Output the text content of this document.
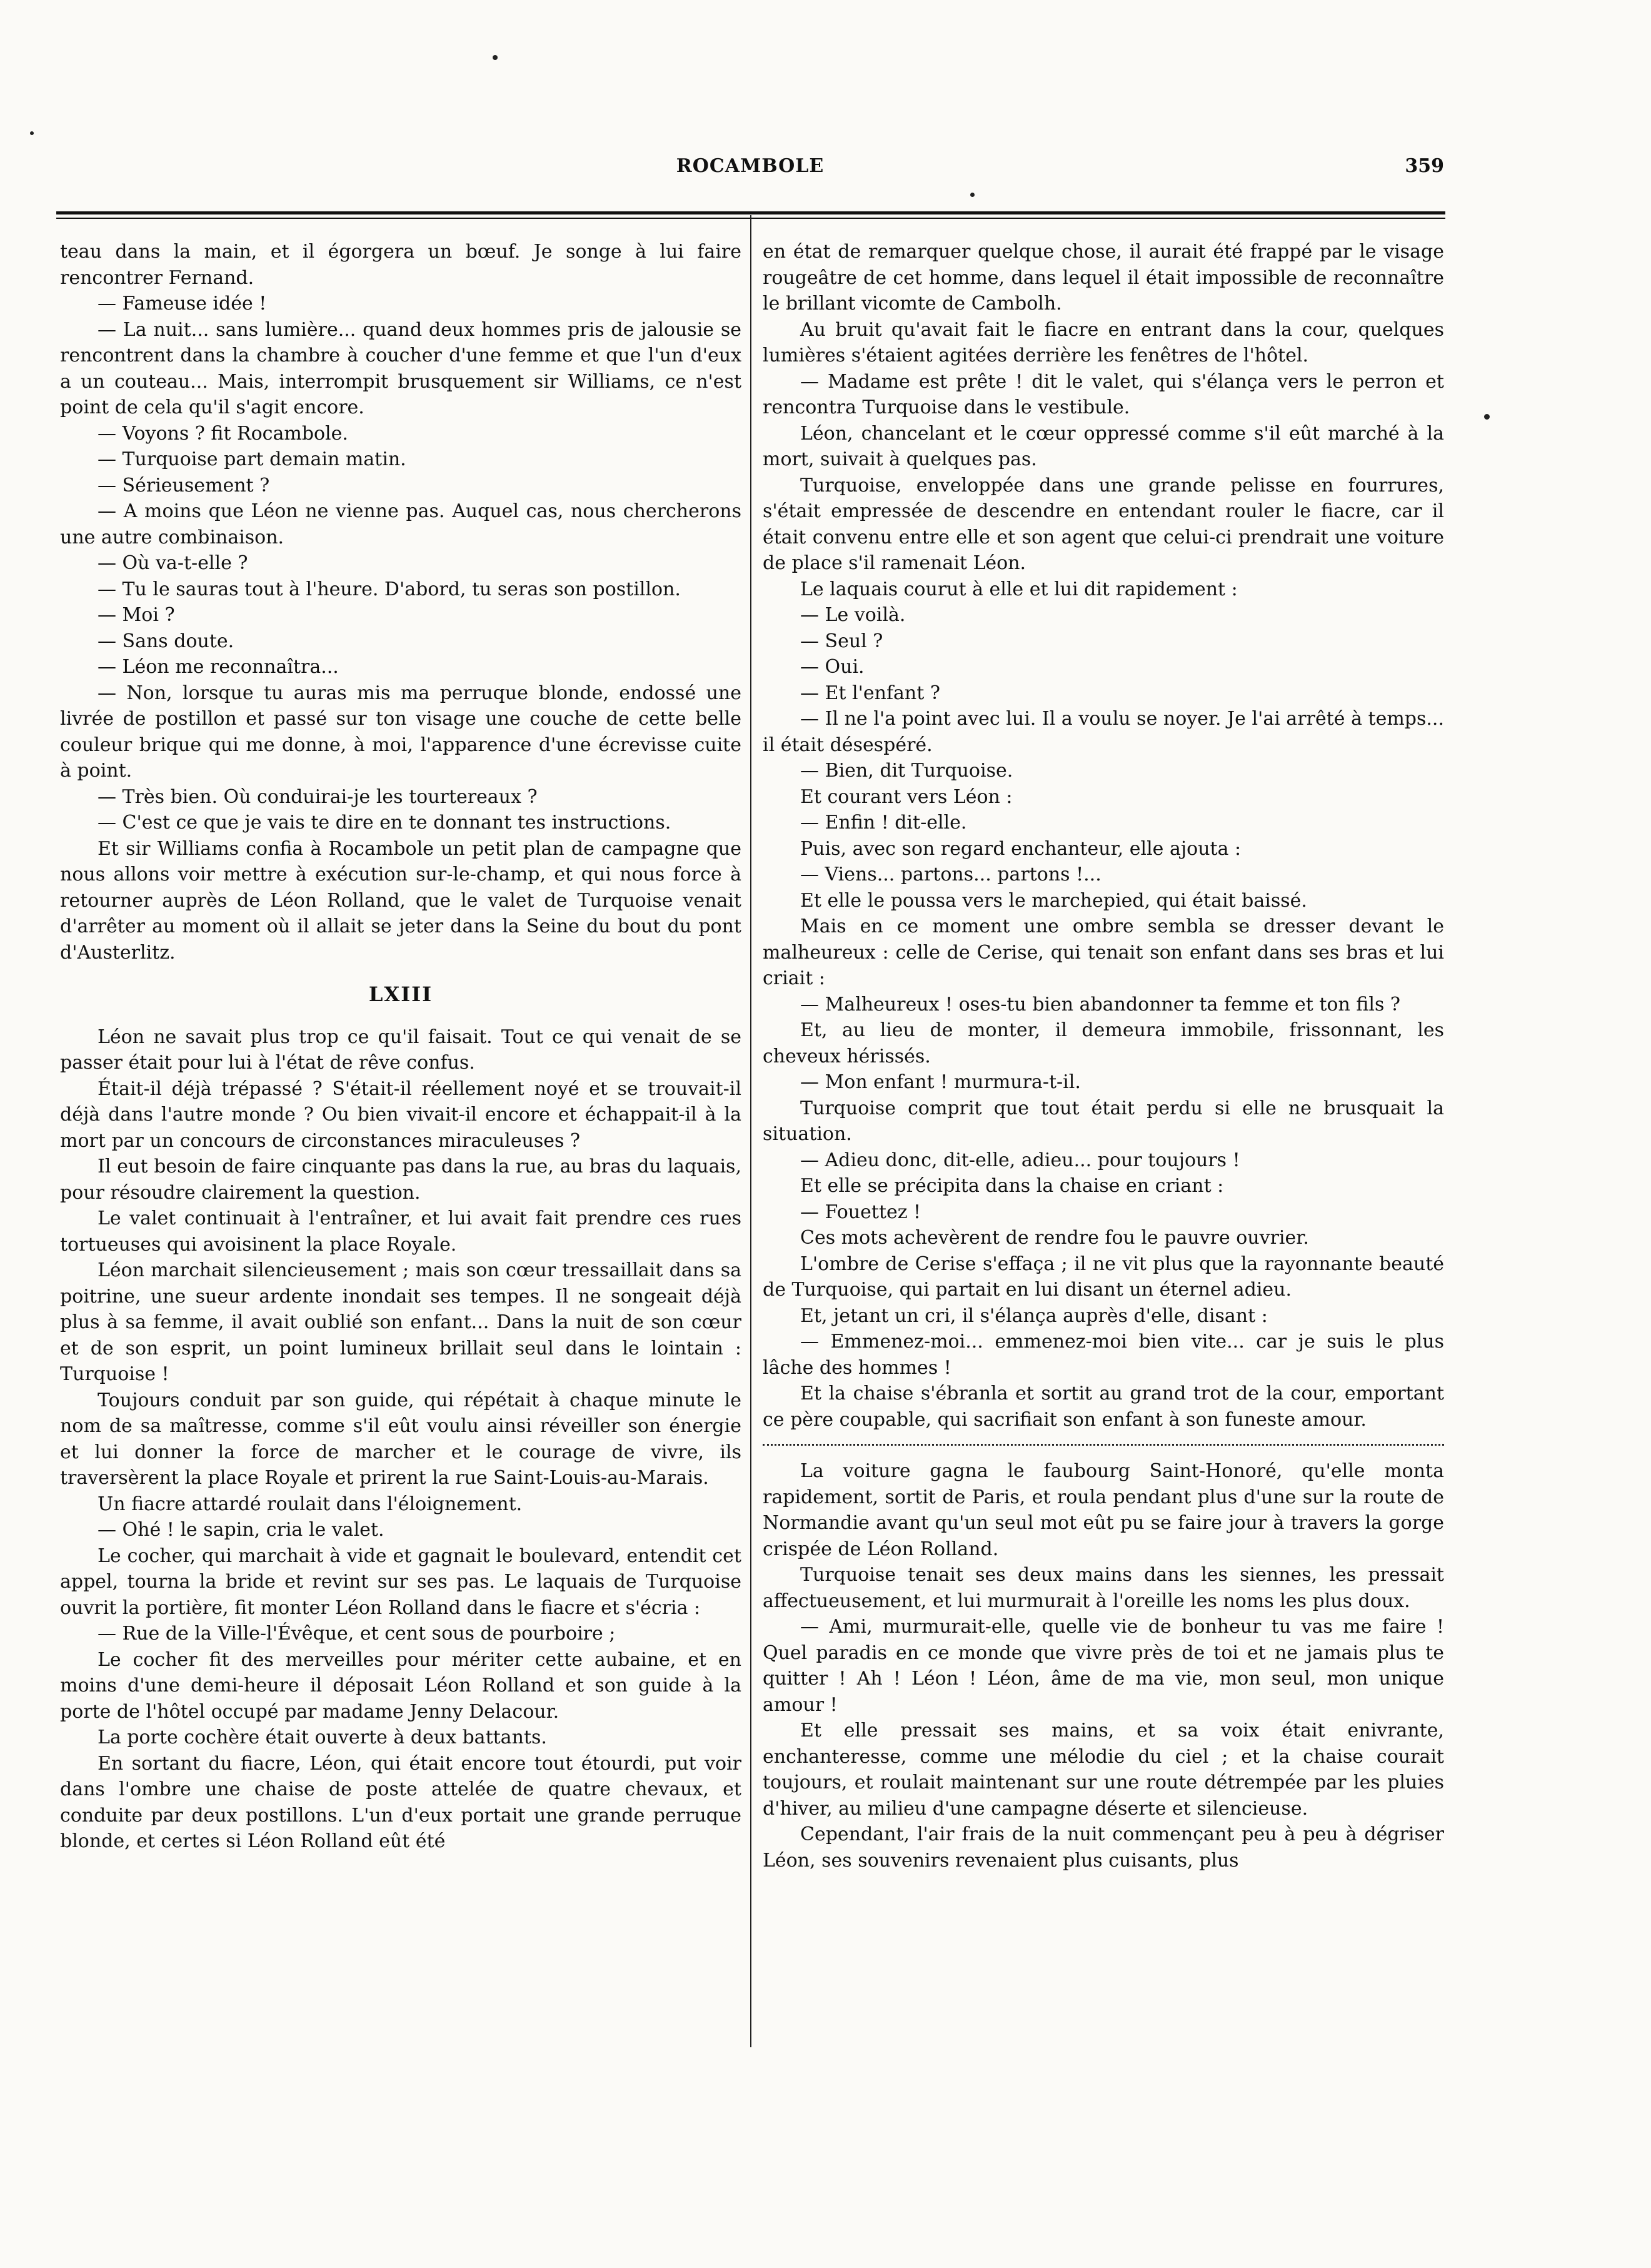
ROCAMBOLE	359

teau dans la main, et il égorgera un bœuf. Je songe à lui faire rencontrer Fernand.

— Fameuse idée !

— La nuit... sans lumière... quand deux hommes pris de jalousie se rencontrent dans la chambre à coucher d'une femme et que l'un d'eux a un couteau... Mais, interrompit brusquement sir Williams, ce n'est point de cela qu'il s'agit encore.

— Voyons ? fit Rocambole.

— Turquoise part demain matin.

— Sérieusement ?

— A moins que Léon ne vienne pas. Auquel cas, nous chercherons une autre combinaison.

— Où va-t-elle ?

— Tu le sauras tout à l'heure. D'abord, tu seras son postillon.

— Moi ?

— Sans doute.

— Léon me reconnaîtra...

— Non, lorsque tu auras mis ma perruque blonde, endossé une livrée de postillon et passé sur ton visage une couche de cette belle couleur brique qui me donne, à moi, l'apparence d'une écrevisse cuite à point.

— Très bien. Où conduirai-je les tourtereaux ?

— C'est ce que je vais te dire en te donnant tes instructions.

Et sir Williams confia à Rocambole un petit plan de campagne que nous allons voir mettre à exécution sur-le-champ, et qui nous force à retourner auprès de Léon Rolland, que le valet de Turquoise venait d'arrêter au moment où il allait se jeter dans la Seine du bout du pont d'Austerlitz.

LXIII

Léon ne savait plus trop ce qu'il faisait. Tout ce qui venait de se passer était pour lui à l'état de rêve confus.

Était-il déjà trépassé ? S'était-il réellement noyé et se trouvait-il déjà dans l'autre monde ? Ou bien vivait-il encore et échappait-il à la mort par un concours de circonstances miraculeuses ?

Il eut besoin de faire cinquante pas dans la rue, au bras du laquais, pour résoudre clairement la question.

Le valet continuait à l'entraîner, et lui avait fait prendre ces rues tortueuses qui avoisinent la place Royale.

Léon marchait silencieusement ; mais son cœur tressaillait dans sa poitrine, une sueur ardente inondait ses tempes. Il ne songeait déjà plus à sa femme, il avait oublié son enfant... Dans la nuit de son cœur et de son esprit, un point lumineux brillait seul dans le lointain : Turquoise !

Toujours conduit par son guide, qui répétait à chaque minute le nom de sa maîtresse, comme s'il eût voulu ainsi réveiller son énergie et lui donner la force de marcher et le courage de vivre, ils traversèrent la place Royale et prirent la rue Saint-Louis-au-Marais.

Un fiacre attardé roulait dans l'éloignement.

— Ohé ! le sapin, cria le valet.

Le cocher, qui marchait à vide et gagnait le boulevard, entendit cet appel, tourna la bride et revint sur ses pas. Le laquais de Turquoise ouvrit la portière, fit monter Léon Rolland dans le fiacre et s'écria :

— Rue de la Ville-l'Évêque, et cent sous de pourboire ;

Le cocher fit des merveilles pour mériter cette aubaine, et en moins d'une demi-heure il déposait Léon Rolland et son guide à la porte de l'hôtel occupé par madame Jenny Delacour.

La porte cochère était ouverte à deux battants.

En sortant du fiacre, Léon, qui était encore tout étourdi, put voir dans l'ombre une chaise de poste attelée de quatre chevaux, et conduite par deux postillons. L'un d'eux portait une grande perruque blonde, et certes si Léon Rolland eût été

en état de remarquer quelque chose, il aurait été frappé par le visage rougeâtre de cet homme, dans lequel il était impossible de reconnaître le brillant vicomte de Cambolh.

Au bruit qu'avait fait le fiacre en entrant dans la cour, quelques lumières s'étaient agitées derrière les fenêtres de l'hôtel.

— Madame est prête ! dit le valet, qui s'élança vers le perron et rencontra Turquoise dans le vestibule.

Léon, chancelant et le cœur oppressé comme s'il eût marché à la mort, suivait à quelques pas.

Turquoise, enveloppée dans une grande pelisse en fourrures, s'était empressée de descendre en entendant rouler le fiacre, car il était convenu entre elle et son agent que celui-ci prendrait une voiture de place s'il ramenait Léon.

Le laquais courut à elle et lui dit rapidement :

— Le voilà.

— Seul ?

— Oui.

— Et l'enfant ?

— Il ne l'a point avec lui. Il a voulu se noyer. Je l'ai arrêté à temps... il était désespéré.

— Bien, dit Turquoise.

Et courant vers Léon :

— Enfin ! dit-elle.

Puis, avec son regard enchanteur, elle ajouta :

— Viens... partons... partons !...

Et elle le poussa vers le marchepied, qui était baissé.

Mais en ce moment une ombre sembla se dresser devant le malheureux : celle de Cerise, qui tenait son enfant dans ses bras et lui criait :

— Malheureux ! oses-tu bien abandonner ta femme et ton fils ?

Et, au lieu de monter, il demeura immobile, frissonnant, les cheveux hérissés.

— Mon enfant ! murmura-t-il.

Turquoise comprit que tout était perdu si elle ne brusquait la situation.

— Adieu donc, dit-elle, adieu... pour toujours !

Et elle se précipita dans la chaise en criant :

— Fouettez !

Ces mots achevèrent de rendre fou le pauvre ouvrier.

L'ombre de Cerise s'effaça ; il ne vit plus que la rayonnante beauté de Turquoise, qui partait en lui disant un éternel adieu.

Et, jetant un cri, il s'élança auprès d'elle, disant :

— Emmenez-moi... emmenez-moi bien vite... car je suis le plus lâche des hommes !

Et la chaise s'ébranla et sortit au grand trot de la cour, emportant ce père coupable, qui sacrifiait son enfant à son funeste amour.

La voiture gagna le faubourg Saint-Honoré, qu'elle monta rapidement, sortit de Paris, et roula pendant plus d'une sur la route de Normandie avant qu'un seul mot eût pu se faire jour à travers la gorge crispée de Léon Rolland.

Turquoise tenait ses deux mains dans les siennes, les pressait affectueusement, et lui murmurait à l'oreille les noms les plus doux.

— Ami, murmurait-elle, quelle vie de bonheur tu vas me faire ! Quel paradis en ce monde que vivre près de toi et ne jamais plus te quitter ! Ah ! Léon ! Léon, âme de ma vie, mon seul, mon unique amour !

Et elle pressait ses mains, et sa voix était enivrante, enchanteresse, comme une mélodie du ciel ; et la chaise courait toujours, et roulait maintenant sur une route détrempée par les pluies d'hiver, au milieu d'une campagne déserte et silencieuse.

Cependant, l'air frais de la nuit commençant peu à peu à dégriser Léon, ses souvenirs revenaient plus cuisants, plus
